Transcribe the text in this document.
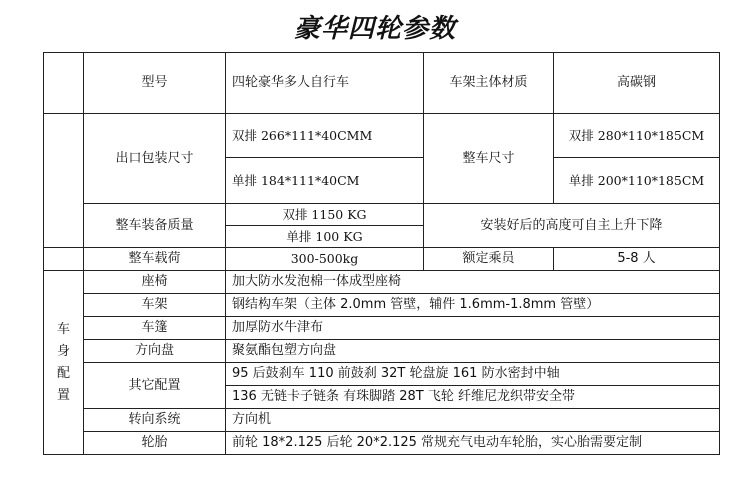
豪华四轮参数
	型号	四轮豪华多人自行车	车架主体材质	高碳钢
	出口包装尺寸	双排 266*111*40CMM	整车尺寸	双排 280*110*185CM
		单排 184*111*40CM		单排 200*110*185CM
	整车装备质量	双排 1150 KG	安装好后的高度可自主上升下降	
		单排 100 KG		
	整车载荷	300-500kg	额定乘员	5-8 人
车
身
配
置	座椅	加大防水发泡棉一体成型座椅		
	车架	钢结构车架（主体 2.0mm 管壁，辅件 1.6mm-1.8mm 管壁）		
	车篷	加厚防水牛津布		
	方向盘	聚氨酯包塑方向盘		
	其它配置	95 后鼓刹车 110 前鼓刹 32T 轮盘旋 161 防水密封中轴		
		136 无链卡子链条 有珠脚踏 28T 飞轮 纤维尼龙织带安全带		
	转向系统	方向机		
	轮胎	前轮 18*2.125 后轮 20*2.125 常规充气电动车轮胎，实心胎需要定制		
